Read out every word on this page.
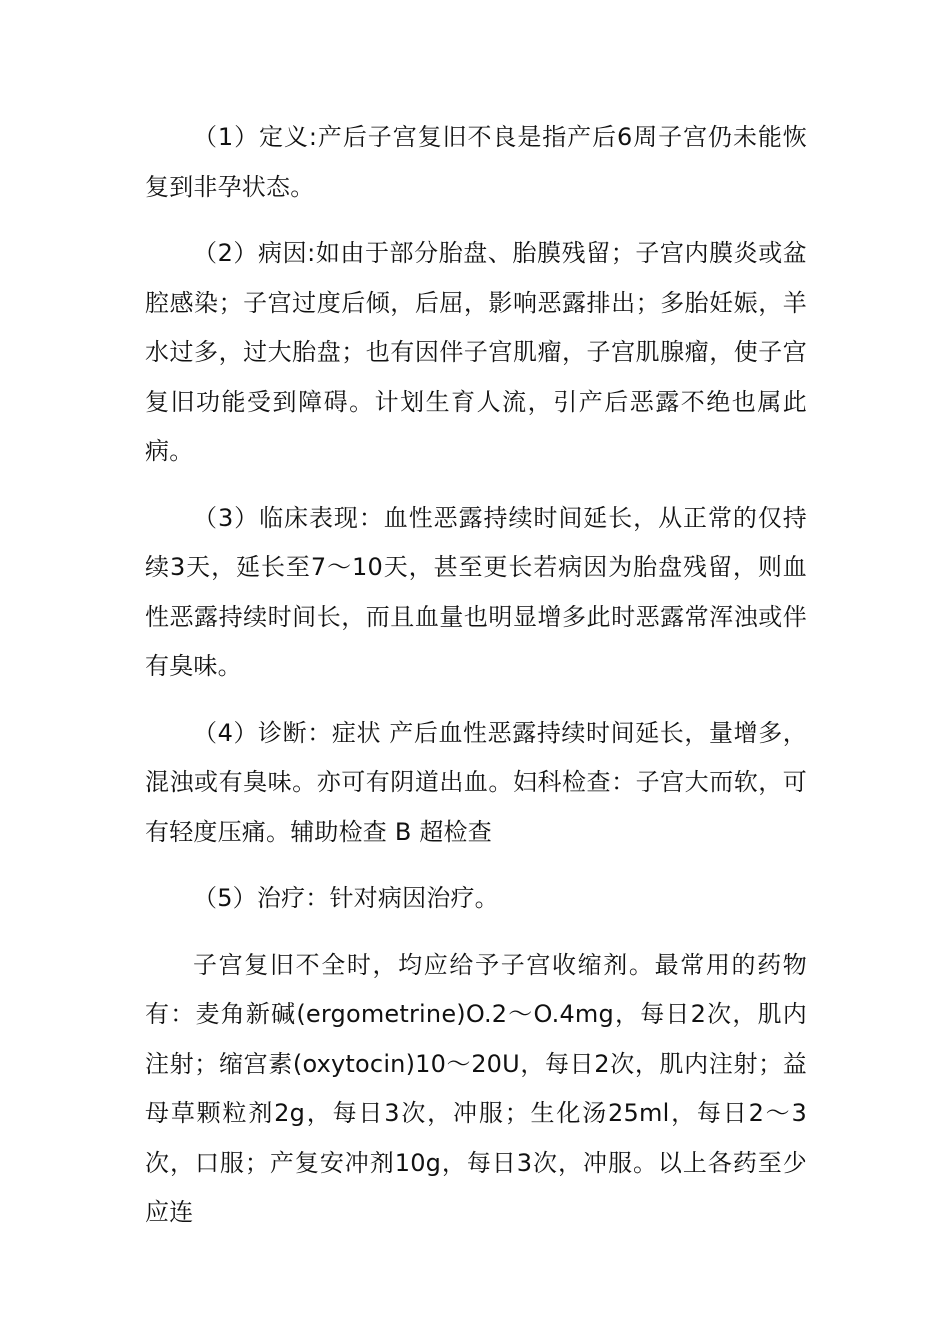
（1）定义:产后子宫复旧不良是指产后6周子宫仍未能恢复到非孕状态。

（2）病因:如由于部分胎盘、胎膜残留；子宫内膜炎或盆腔感染；子宫过度后倾，后屈，影响恶露排出；多胎妊娠，羊水过多，过大胎盘；也有因伴子宫肌瘤，子宫肌腺瘤，使子宫复旧功能受到障碍。计划生育人流，引产后恶露不绝也属此病。

（3）临床表现：血性恶露持续时间延长，从正常的仅持续3天，延长至7～10天，甚至更长若病因为胎盘残留，则血性恶露持续时间长，而且血量也明显增多此时恶露常浑浊或伴有臭味。

（4）诊断：症状 产后血性恶露持续时间延长，量增多，混浊或有臭味。亦可有阴道出血。妇科检查：子宫大而软，可有轻度压痛。辅助检查 B 超检查

（5）治疗：针对病因治疗。

子宫复旧不全时，均应给予子宫收缩剂。最常用的药物有：麦角新碱(ergometrine)O.2～O.4mg，每日2次，肌内注射；缩宫素(oxytocin)10～20U，每日2次，肌内注射；益母草颗粒剂2g，每日3次，冲服；生化汤25ml，每日2～3次，口服；产复安冲剂10g，每日3次，冲服。以上各药至少应连
